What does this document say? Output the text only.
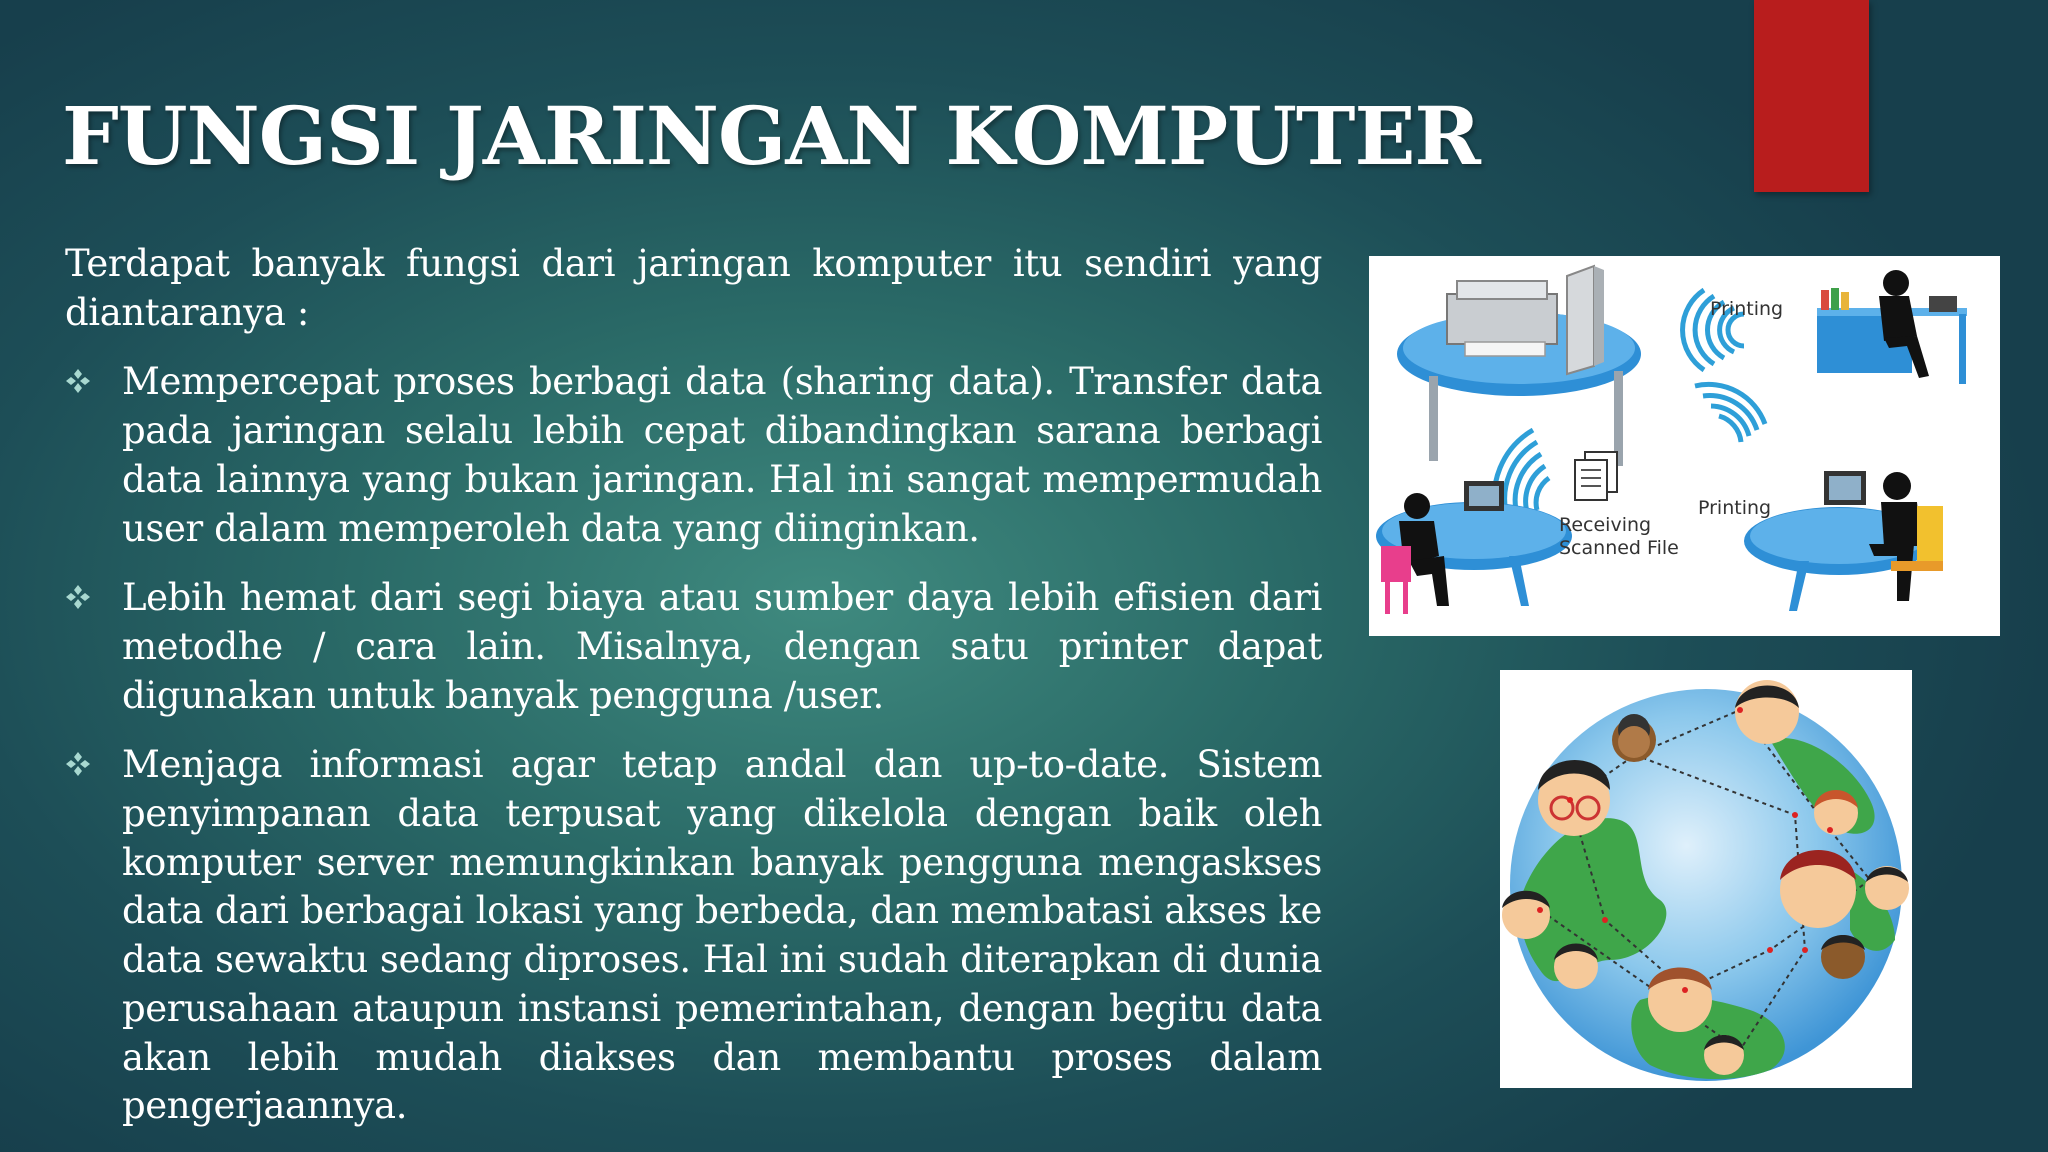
FUNGSI JARINGAN KOMPUTER

Terdapat banyak fungsi dari jaringan komputer itu sendiri yang diantaranya :

Mempercepat proses berbagi data (sharing data). Transfer data pada jaringan selalu lebih cepat dibandingkan sarana berbagi data lainnya yang bukan jaringan. Hal ini sangat mempermudah user dalam memperoleh data yang diinginkan.
Lebih hemat dari segi biaya atau sumber daya lebih efisien dari metodhe / cara lain. Misalnya, dengan satu printer dapat digunakan untuk banyak pengguna /user.
Menjaga informasi agar tetap andal dan up-to-date. Sistem penyimpanan data terpusat yang dikelola dengan baik oleh komputer server memungkinkan banyak pengguna mengaskses data dari berbagai lokasi yang berbeda, dan membatasi akses ke data sewaktu sedang diproses. Hal ini sudah diterapkan di dunia perusahaan ataupun instansi pemerintahan, dengan begitu data akan lebih mudah diakses dan membantu proses dalam pengerjaannya.
Printing
Printing
Receiving
Scanned File
